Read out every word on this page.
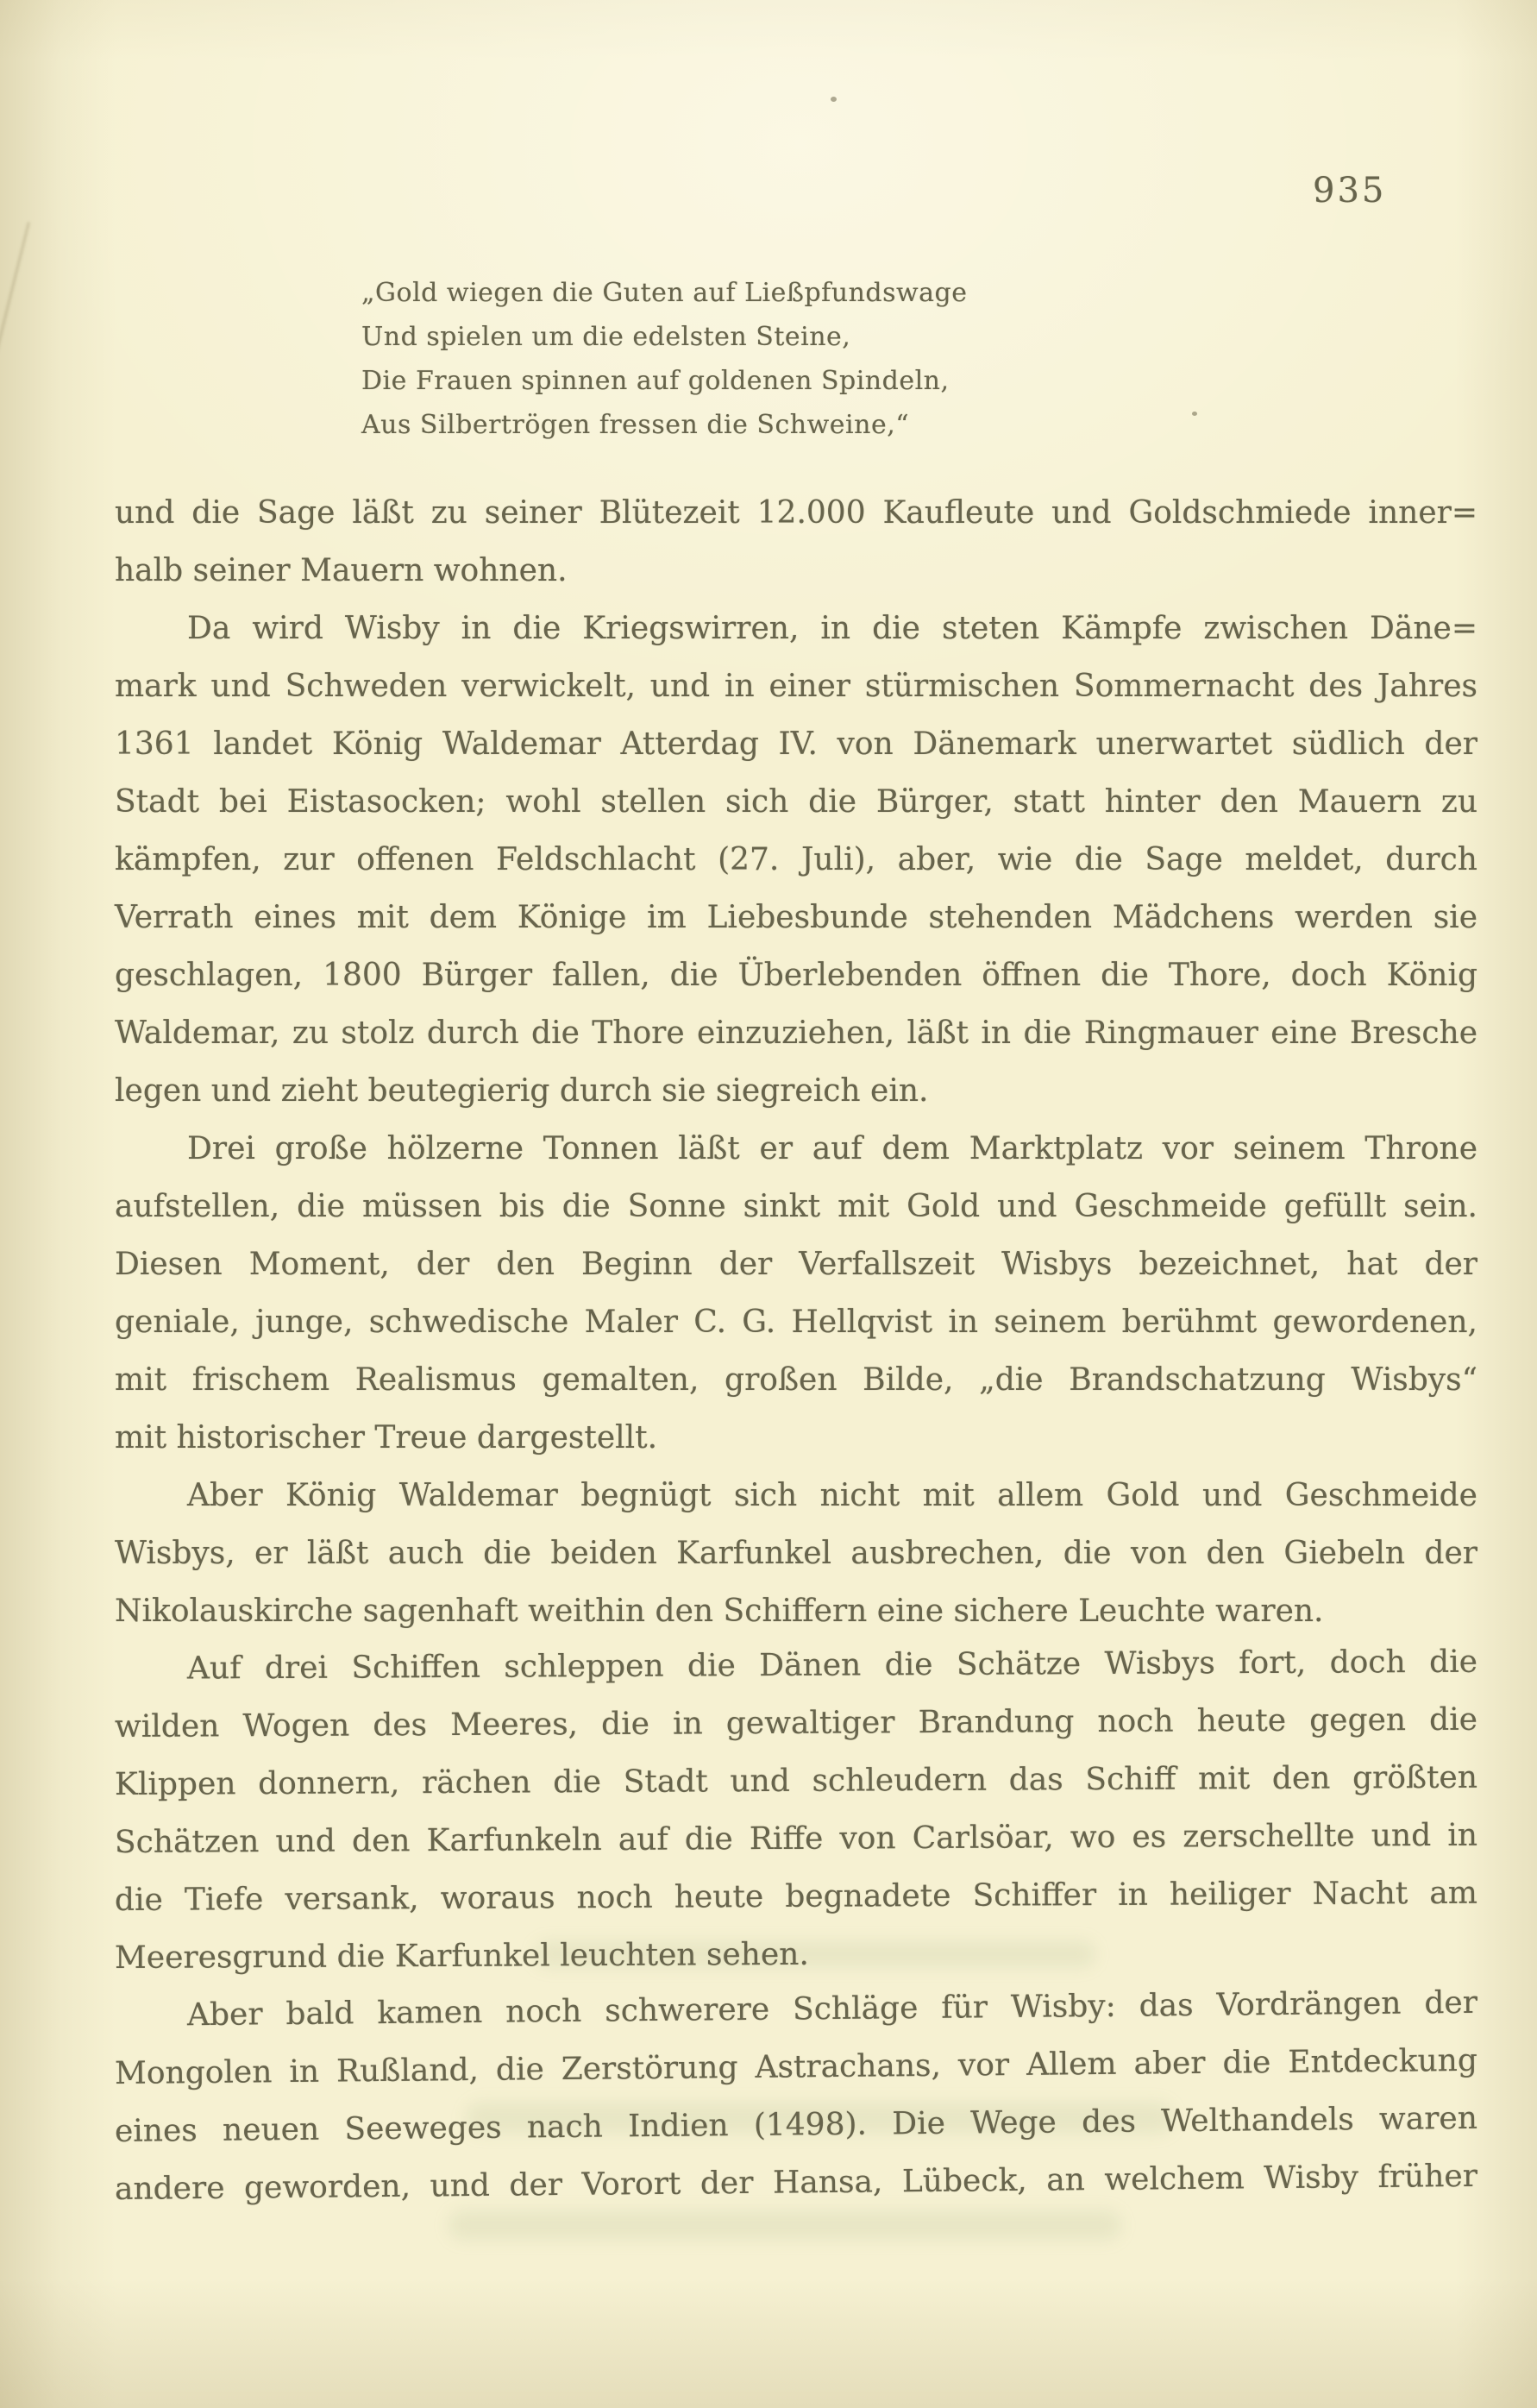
935
„Gold wiegen die Guten auf Ließpfundswage
Und spielen um die edelsten Steine,
Die Frauen spinnen auf goldenen Spindeln,
Aus Silbertrögen fressen die Schweine,“
und die Sage läßt zu seiner Blütezeit 12.000 Kaufleute und Goldschmiede inner=
halb seiner Mauern wohnen.
Da wird Wisby in die Kriegswirren, in die steten Kämpfe zwischen Däne=
mark und Schweden verwickelt, und in einer stürmischen Sommernacht des Jahres
1361 landet König Waldemar Atterdag IV. von Dänemark unerwartet südlich der
Stadt bei Eistasocken; wohl stellen sich die Bürger, statt hinter den Mauern zu
kämpfen, zur offenen Feldschlacht (27. Juli), aber, wie die Sage meldet, durch
Verrath eines mit dem Könige im Liebesbunde stehenden Mädchens werden sie
geschlagen, 1800 Bürger fallen, die Überlebenden öffnen die Thore, doch König
Waldemar, zu stolz durch die Thore einzuziehen, läßt in die Ringmauer eine Bresche
legen und zieht beutegierig durch sie siegreich ein.
Drei große hölzerne Tonnen läßt er auf dem Marktplatz vor seinem Throne
aufstellen, die müssen bis die Sonne sinkt mit Gold und Geschmeide gefüllt sein.
Diesen Moment, der den Beginn der Verfallszeit Wisbys bezeichnet, hat der
geniale, junge, schwedische Maler C. G. Hellqvist in seinem berühmt gewordenen,
mit frischem Realismus gemalten, großen Bilde, „die Brandschatzung Wisbys“
mit historischer Treue dargestellt.
Aber König Waldemar begnügt sich nicht mit allem Gold und Geschmeide
Wisbys, er läßt auch die beiden Karfunkel ausbrechen, die von den Giebeln der
Nikolauskirche sagenhaft weithin den Schiffern eine sichere Leuchte waren.
Auf drei Schiffen schleppen die Dänen die Schätze Wisbys fort, doch die
wilden Wogen des Meeres, die in gewaltiger Brandung noch heute gegen die
Klippen donnern, rächen die Stadt und schleudern das Schiff mit den größten
Schätzen und den Karfunkeln auf die Riffe von Carlsöar, wo es zerschellte und in
die Tiefe versank, woraus noch heute begnadete Schiffer in heiliger Nacht am
Meeresgrund die Karfunkel leuchten sehen.
Aber bald kamen noch schwerere Schläge für Wisby: das Vordrängen der
Mongolen in Rußland, die Zerstörung Astrachans, vor Allem aber die Entdeckung
eines neuen Seeweges nach Indien (1498). Die Wege des Welthandels waren
andere geworden, und der Vorort der Hansa, Lübeck, an welchem Wisby früher
